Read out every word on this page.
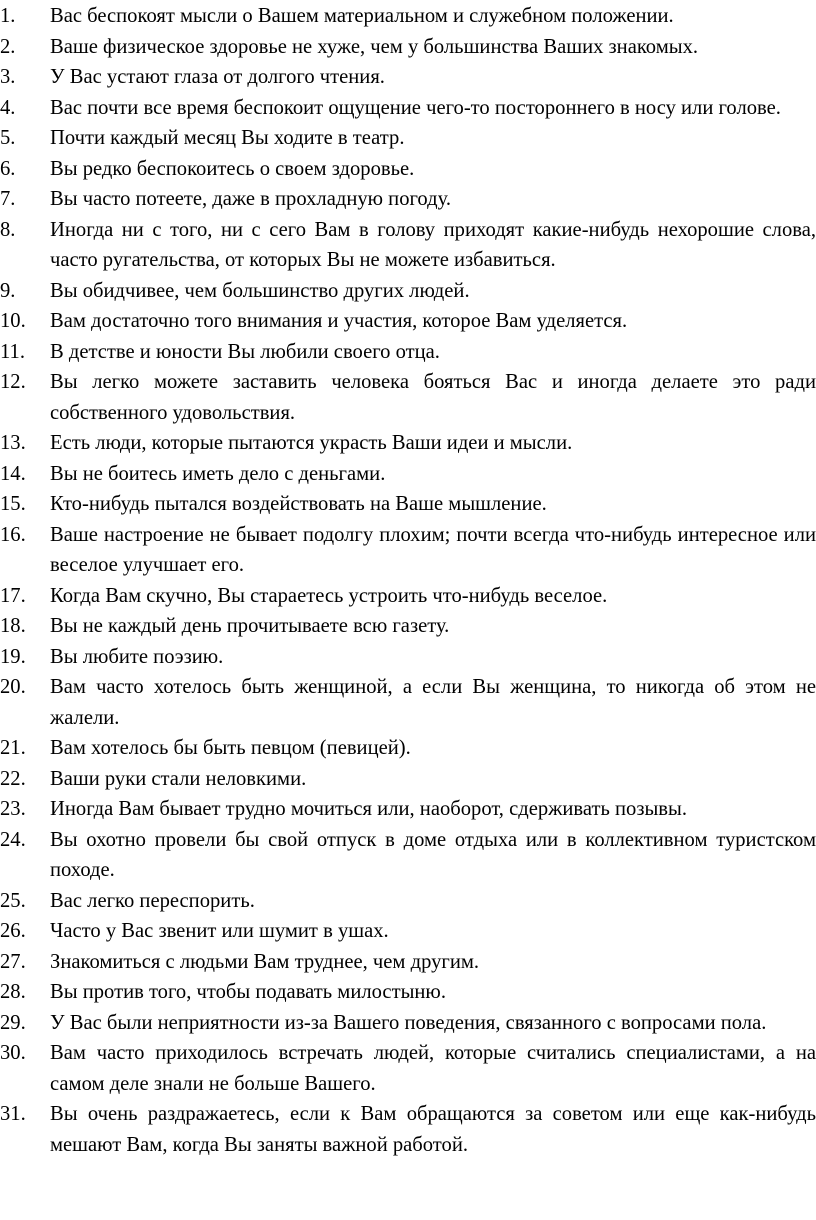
1.	Вас беспокоят мысли о Вашем материальном и служебном положении.
2.	Ваше физическое здоровье не хуже, чем у большинства Ваших знакомых.
3.	У Вас устают глаза от долгого чтения.
4.	Вас почти все время беспокоит ощущение чего-то постороннего в носу или голове.
5.	Почти каждый месяц Вы ходите в театр.
6.	Вы редко беспокоитесь о своем здоровье.
7.	Вы часто потеете, даже в прохладную погоду.
8.	Иногда ни с того, ни с сего Вам в голову приходят какие-нибудь нехорошие слова, часто ругательства, от которых Вы не можете избавиться.
9.	Вы обидчивее, чем большинство других людей.
10.	Вам достаточно того внимания и участия, которое Вам уделяется.
11.	В детстве и юности Вы любили своего отца.
12.	Вы легко можете заставить человека бояться Вас и иногда делаете это ради собственного удовольствия.
13.	Есть люди, которые пытаются украсть Ваши идеи и мысли.
14.	Вы не боитесь иметь дело с деньгами.
15.	Кто-нибудь пытался воздействовать на Ваше мышление.
16.	Ваше настроение не бывает подолгу плохим; почти всегда что-нибудь интересное или веселое улучшает его.
17.	Когда Вам скучно, Вы стараетесь устроить что-нибудь веселое.
18.	Вы не каждый день прочитываете всю газету.
19.	Вы любите поэзию.
20.	Вам часто хотелось быть женщиной, а если Вы женщина, то никогда об этом не жалели.
21.	Вам хотелось бы быть певцом (певицей).
22.	Ваши руки стали неловкими.
23.	Иногда Вам бывает трудно мочиться или, наоборот, сдерживать позывы.
24.	Вы охотно провели бы свой отпуск в доме отдыха или в коллективном туристском походе.
25.	Вас легко переспорить.
26.	Часто у Вас звенит или шумит в ушах.
27.	Знакомиться с людьми Вам труднее, чем другим.
28.	Вы против того, чтобы подавать милостыню.
29.	У Вас были неприятности из-за Вашего поведения, связанного с вопросами пола.
30.	Вам часто приходилось встречать людей, которые считались специалистами, а на самом деле знали не больше Вашего.
31.	Вы очень раздражаетесь, если к Вам обращаются за советом или еще как-нибудь мешают Вам, когда Вы заняты важной работой.
